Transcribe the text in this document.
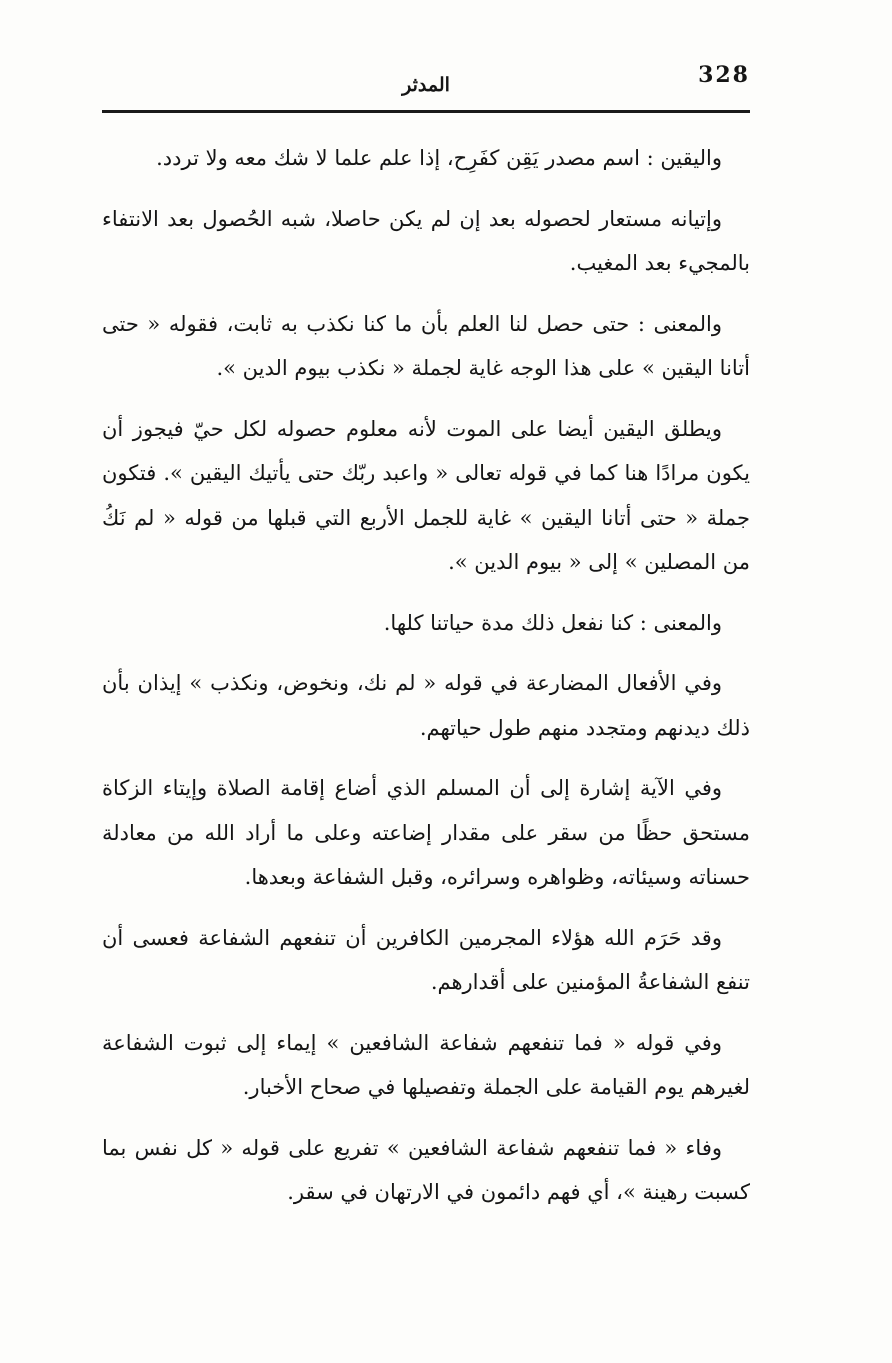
328
المدثر

واليقين : اسم مصدر يَقِن كفَرِح، إذا علم علما لا شك معه ولا تردد.

وإتيانه مستعار لحصوله بعد إن لم يكن حاصلا، شبه الحُصول بعد الانتفاء بالمجيء بعد المغيب.

والمعنى : حتى حصل لنا العلم بأن ما كنا نكذب به ثابت، فقوله « حتى أتانا اليقين » على هذا الوجه غاية لجملة « نكذب بيوم الدين ».

ويطلق اليقين أيضا على الموت لأنه معلوم حصوله لكل حيّ فيجوز أن يكون مرادًا هنا كما في قوله تعالى « واعبد ربّك حتى يأتيك اليقين ». فتكون جملة « حتى أتانا اليقين » غاية للجمل الأربع التي قبلها من قوله « لم نَكُ من المصلين » إلى « بيوم الدين ».

والمعنى : كنا نفعل ذلك مدة حياتنا كلها.

وفي الأفعال المضارعة في قوله « لم نك، ونخوض، ونكذب » إيذان بأن ذلك ديدنهم ومتجدد منهم طول حياتهم.

وفي الآية إشارة إلى أن المسلم الذي أضاع إقامة الصلاة وإيتاء الزكاة مستحق حظًا من سقر على مقدار إضاعته وعلى ما أراد الله من معادلة حسناته وسيئاته، وظواهره وسرائره، وقبل الشفاعة وبعدها.

وقد حَرَم الله هؤلاء المجرمين الكافرين أن تنفعهم الشفاعة فعسى أن تنفع الشفاعةُ المؤمنين على أقدارهم.

وفي قوله « فما تنفعهم شفاعة الشافعين » إيماء إلى ثبوت الشفاعة لغيرهم يوم القيامة على الجملة وتفصيلها في صحاح الأخبار.

وفاء « فما تنفعهم شفاعة الشافعين » تفريع على قوله « كل نفس بما كسبت رهينة »، أي فهم دائمون في الارتهان في سقر.
